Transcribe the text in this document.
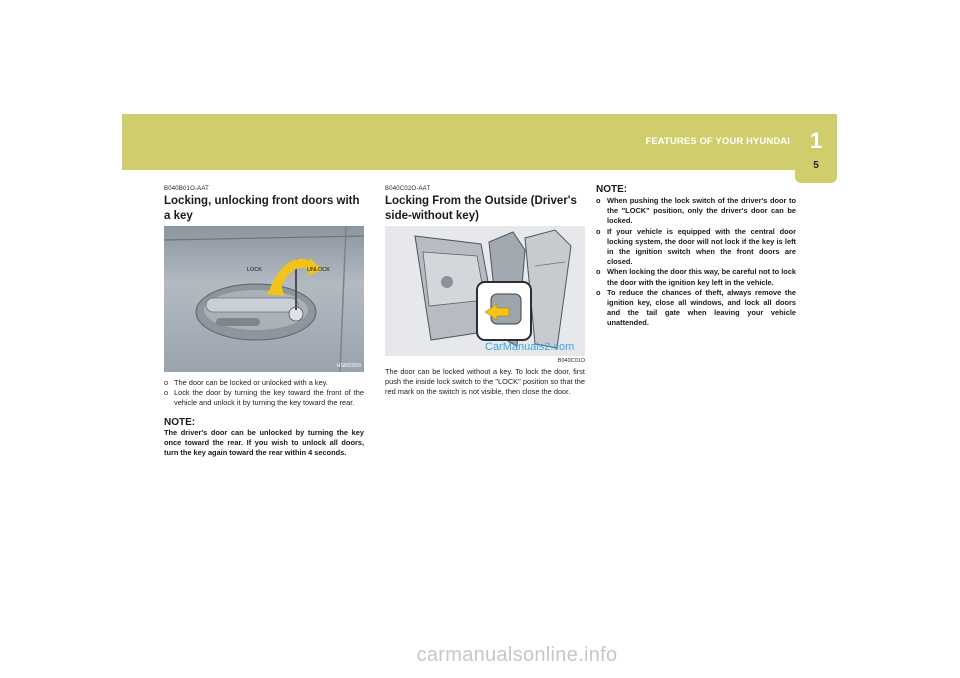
1
FEATURES OF YOUR HYUNDAI
5
B040B01O-AAT
Locking, unlocking front doors with a key
LOCK	UNLOCK
HSM2003
o The door can be locked or unlocked with a key.
o Lock the door by turning the key toward the front of the vehicle and unlock it by turning the key toward the rear.
NOTE:
The driver's door can be unlocked by turning the key once toward the rear. If you wish to unlock all doors, turn the key again toward the rear within 4 seconds.
B040C02O-AAT
Locking From the Outside (Driver's side-without key)
CarManuals2.com
B040C01O
The door can be locked without a key. To lock the door, first push the inside lock switch to the "LOCK" position so that the red mark on the switch is not visible, then close the door.
NOTE:
o When pushing the lock switch of the driver's door to the "LOCK" position, only the driver's door can be locked.
o If your vehicle is equipped with the central door locking system, the door will not lock if the key is left in the ignition switch when the front doors are closed.
o When locking the door this way, be careful not to lock the door with the ignition key left in the vehicle.
o To reduce the chances of theft, always remove the ignition key, close all windows, and lock all doors and the tail gate when leaving your vehicle unattended.
carmanualsonline.info
